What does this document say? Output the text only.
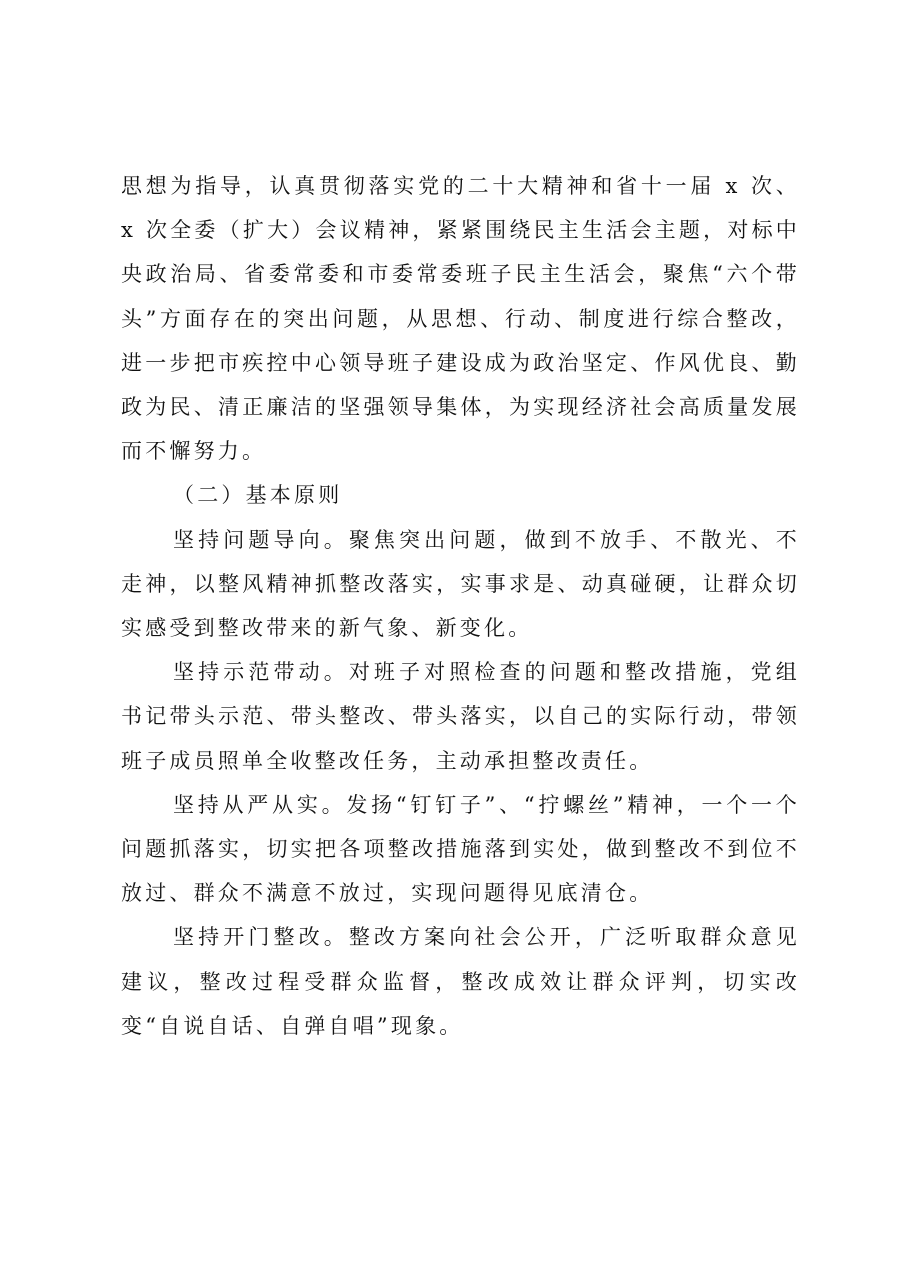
思想为指导，认真贯彻落实党的二十大精神和省十一届 x 次、x 次全委（扩大）会议精神，紧紧围绕民主生活会主题，对标中央政治局、省委常委和市委常委班子民主生活会，聚焦“六个带头”方面存在的突出问题，从思想、行动、制度进行综合整改，进一步把市疾控中心领导班子建设成为政治坚定、作风优良、勤政为民、清正廉洁的坚强领导集体，为实现经济社会高质量发展而不懈努力。

（二）基本原则

坚持问题导向。聚焦突出问题，做到不放手、不散光、不走神，以整风精神抓整改落实，实事求是、动真碰硬，让群众切实感受到整改带来的新气象、新变化。

坚持示范带动。对班子对照检查的问题和整改措施，党组书记带头示范、带头整改、带头落实，以自己的实际行动，带领班子成员照单全收整改任务，主动承担整改责任。

坚持从严从实。发扬“钉钉子”、“拧螺丝”精神，一个一个问题抓落实，切实把各项整改措施落到实处，做到整改不到位不放过、群众不满意不放过，实现问题得见底清仓。

坚持开门整改。整改方案向社会公开，广泛听取群众意见建议，整改过程受群众监督，整改成效让群众评判，切实改变“自说自话、自弹自唱”现象。
